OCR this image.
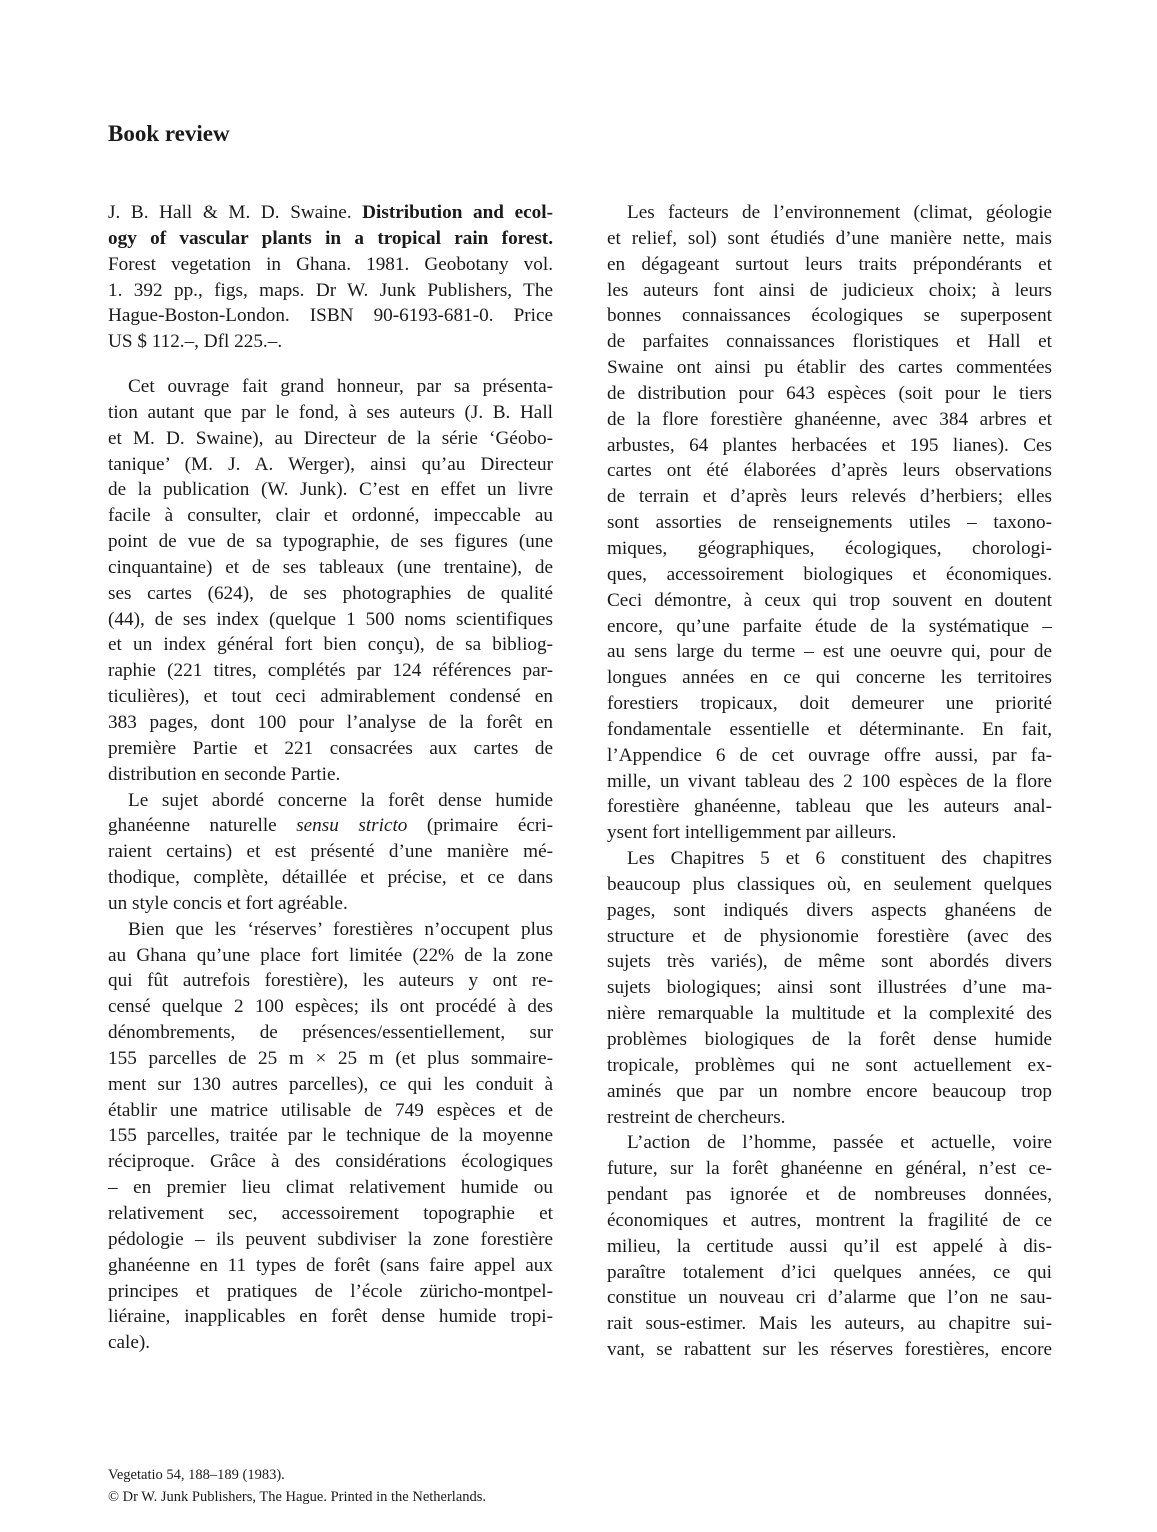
Book review
J. B. Hall & M. D. Swaine. Distribution and ecol-
ogy of vascular plants in a tropical rain forest.
Forest vegetation in Ghana. 1981. Geobotany vol.
1. 392 pp., figs, maps. Dr W. Junk Publishers, The
Hague-Boston-London. ISBN 90-6193-681-0. Price
US $ 112.–, Dfl 225.–.
Cet ouvrage fait grand honneur, par sa présenta-
tion autant que par le fond, à ses auteurs (J. B. Hall
et M. D. Swaine), au Directeur de la série ‘Géobo-
tanique’ (M. J. A. Werger), ainsi qu’au Directeur
de la publication (W. Junk). C’est en effet un livre
facile à consulter, clair et ordonné, impeccable au
point de vue de sa typographie, de ses figures (une
cinquantaine) et de ses tableaux (une trentaine), de
ses cartes (624), de ses photographies de qualité
(44), de ses index (quelque 1 500 noms scientifiques
et un index général fort bien conçu), de sa bibliog-
raphie (221 titres, complétés par 124 références par-
ticulières), et tout ceci admirablement condensé en
383 pages, dont 100 pour l’analyse de la forêt en
première Partie et 221 consacrées aux cartes de
distribution en seconde Partie.
Le sujet abordé concerne la forêt dense humide
ghanéenne naturelle sensu stricto (primaire écri-
raient certains) et est présenté d’une manière mé-
thodique, complète, détaillée et précise, et ce dans
un style concis et fort agréable.
Bien que les ‘réserves’ forestières n’occupent plus
au Ghana qu’une place fort limitée (22% de la zone
qui fût autrefois forestière), les auteurs y ont re-
censé quelque 2 100 espèces; ils ont procédé à des
dénombrements, de présences/essentiellement, sur
155 parcelles de 25 m × 25 m (et plus sommaire-
ment sur 130 autres parcelles), ce qui les conduit à
établir une matrice utilisable de 749 espèces et de
155 parcelles, traitée par le technique de la moyenne
réciproque. Grâce à des considérations écologiques
– en premier lieu climat relativement humide ou
relativement sec, accessoirement topographie et
pédologie – ils peuvent subdiviser la zone forestière
ghanéenne en 11 types de forêt (sans faire appel aux
principes et pratiques de l’école züricho-montpel-
liéraine, inapplicables en forêt dense humide tropi-
cale).
Les facteurs de l’environnement (climat, géologie
et relief, sol) sont étudiés d’une manière nette, mais
en dégageant surtout leurs traits prépondérants et
les auteurs font ainsi de judicieux choix; à leurs
bonnes connaissances écologiques se superposent
de parfaites connaissances floristiques et Hall et
Swaine ont ainsi pu établir des cartes commentées
de distribution pour 643 espèces (soit pour le tiers
de la flore forestière ghanéenne, avec 384 arbres et
arbustes, 64 plantes herbacées et 195 lianes). Ces
cartes ont été élaborées d’après leurs observations
de terrain et d’après leurs relevés d’herbiers; elles
sont assorties de renseignements utiles – taxono-
miques, géographiques, écologiques, chorologi-
ques, accessoirement biologiques et économiques.
Ceci démontre, à ceux qui trop souvent en doutent
encore, qu’une parfaite étude de la systématique –
au sens large du terme – est une oeuvre qui, pour de
longues années en ce qui concerne les territoires
forestiers tropicaux, doit demeurer une priorité
fondamentale essentielle et déterminante. En fait,
l’Appendice 6 de cet ouvrage offre aussi, par fa-
mille, un vivant tableau des 2 100 espèces de la flore
forestière ghanéenne, tableau que les auteurs anal-
ysent fort intelligemment par ailleurs.
Les Chapitres 5 et 6 constituent des chapitres
beaucoup plus classiques où, en seulement quelques
pages, sont indiqués divers aspects ghanéens de
structure et de physionomie forestière (avec des
sujets très variés), de même sont abordés divers
sujets biologiques; ainsi sont illustrées d’une ma-
nière remarquable la multitude et la complexité des
problèmes biologiques de la forêt dense humide
tropicale, problèmes qui ne sont actuellement ex-
aminés que par un nombre encore beaucoup trop
restreint de chercheurs.
L’action de l’homme, passée et actuelle, voire
future, sur la forêt ghanéenne en général, n’est ce-
pendant pas ignorée et de nombreuses données,
économiques et autres, montrent la fragilité de ce
milieu, la certitude aussi qu’il est appelé à dis-
paraître totalement d’ici quelques années, ce qui
constitue un nouveau cri d’alarme que l’on ne sau-
rait sous-estimer. Mais les auteurs, au chapitre sui-
vant, se rabattent sur les réserves forestières, encore
Vegetatio 54, 188–189 (1983).
© Dr W. Junk Publishers, The Hague. Printed in the Netherlands.
